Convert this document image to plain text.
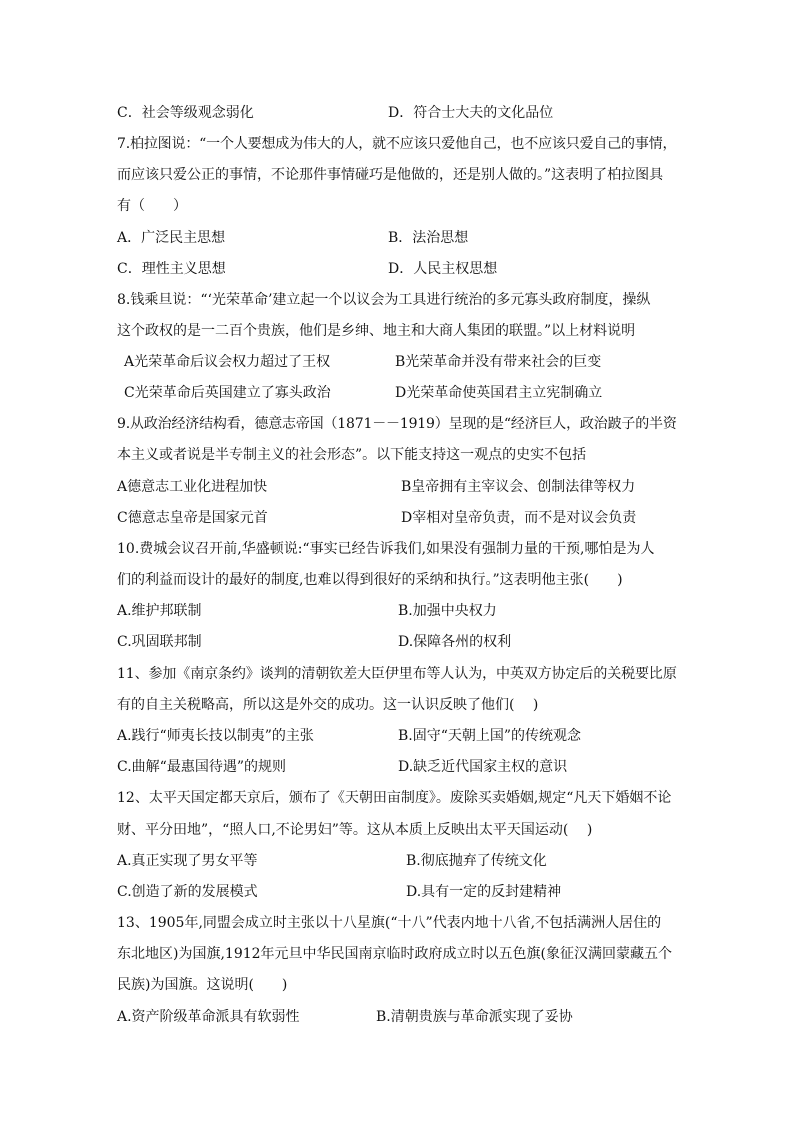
C．社会等级观念弱化	D．符合士大夫的文化品位
7.柏拉图说：“一个人要想成为伟大的人，就不应该只爱他自己，也不应该只爱自己的事情，
而应该只爱公正的事情，不论那件事情碰巧是他做的，还是别人做的。”这表明了柏拉图具
有（　　）
A．广泛民主思想	B．法治思想
C．理性主义思想	D．人民主权思想
8.钱乘旦说：“‘光荣革命’建立起一个以议会为工具进行统治的多元寡头政府制度，操纵
这个政权的是一二百个贵族，他们是乡绅、地主和大商人集团的联盟。”以上材料说明
A光荣革命后议会权力超过了王权	B光荣革命并没有带来社会的巨变
C光荣革命后英国建立了寡头政治	D光荣革命使英国君主立宪制确立
9.从政治经济结构看，德意志帝国（1871－－1919）呈现的是“经济巨人，政治跛子的半资
本主义或者说是半专制主义的社会形态”。以下能支持这一观点的史实不包括
A德意志工业化进程加快	B皇帝拥有主宰议会、创制法律等权力
C德意志皇帝是国家元首	D宰相对皇帝负责，而不是对议会负责
10.费城会议召开前,华盛顿说:“事实已经告诉我们,如果没有强制力量的干预,哪怕是为人
们的利益而设计的最好的制度,也难以得到很好的采纳和执行。”这表明他主张(　　)
A.维护邦联制	B.加强中央权力
C.巩固联邦制	D.保障各州的权利
11、参加《南京条约》谈判的清朝钦差大臣伊里布等人认为，中英双方协定后的关税要比原
有的自主关税略高，所以这是外交的成功。这一认识反映了他们(　 )
A.践行“师夷长技以制夷”的主张	B.固守“天朝上国”的传统观念
C.曲解“最惠国待遇”的规则	D.缺乏近代国家主权的意识
12、太平天国定都天京后，颁布了《天朝田亩制度》。废除买卖婚姻,规定“凡天下婚姻不论
财、平分田地”，“照人口,不论男妇”等。这从本质上反映出太平天国运动(　 )
A.真正实现了男女平等	B.彻底抛弃了传统文化
C.创造了新的发展模式	D.具有一定的反封建精神
13、1905年,同盟会成立时主张以十八星旗(“十八”代表内地十八省,不包括满洲人居住的
东北地区)为国旗,1912年元旦中华民国南京临时政府成立时以五色旗(象征汉满回蒙藏五个
民族)为国旗。这说明(　　)
A.资产阶级革命派具有软弱性	B.清朝贵族与革命派实现了妥协
